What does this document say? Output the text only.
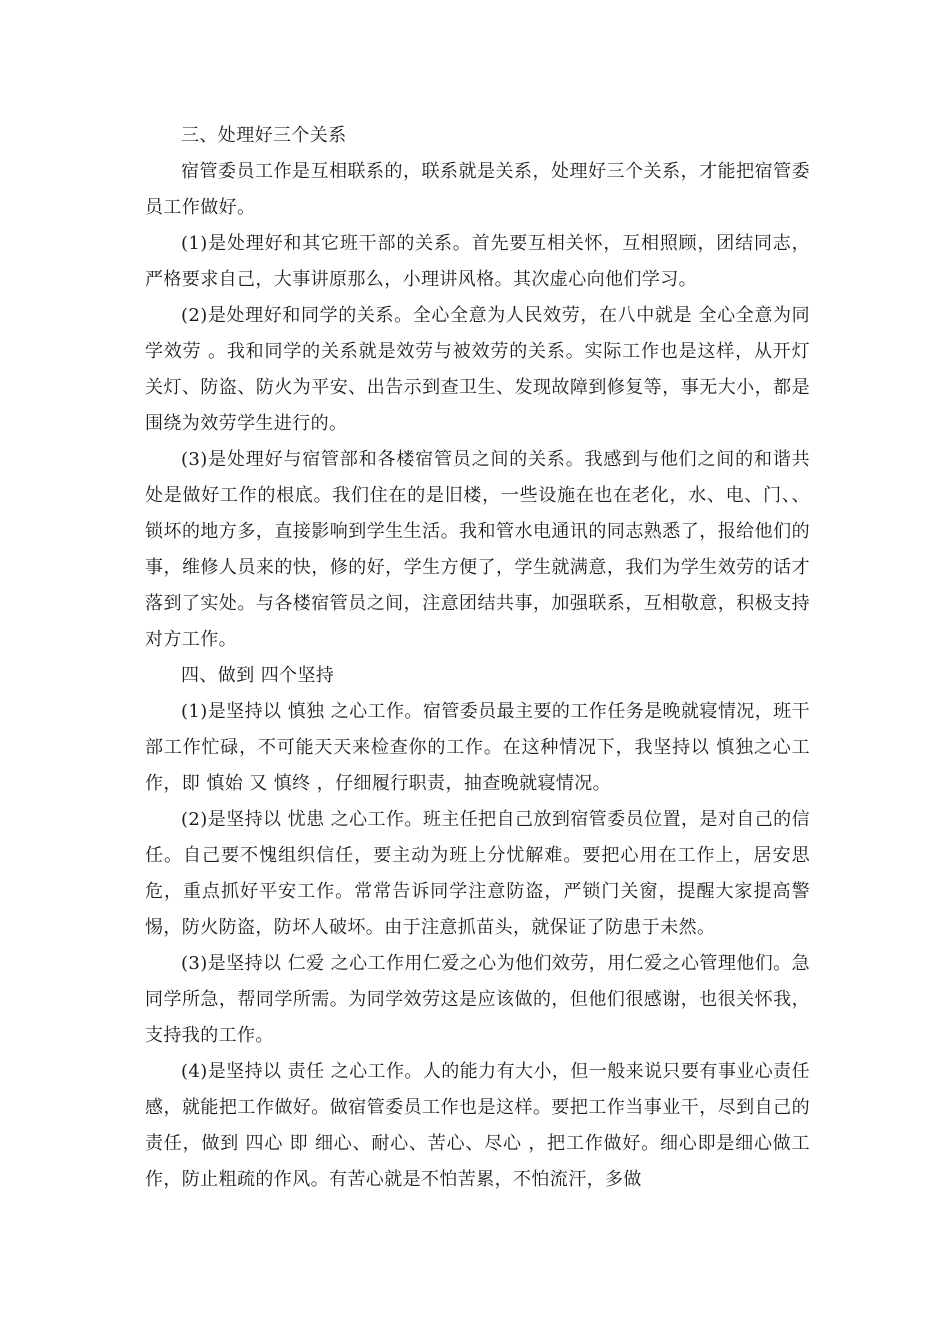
三、处理好三个关系

宿管委员工作是互相联系的，联系就是关系，处理好三个关系，才能把宿管委员工作做好。

(1)是处理好和其它班干部的关系。首先要互相关怀，互相照顾，团结同志，严格要求自己，大事讲原那么，小理讲风格。其次虚心向他们学习。

(2)是处理好和同学的关系。全心全意为人民效劳，在八中就是 全心全意为同学效劳 。我和同学的关系就是效劳与被效劳的关系。实际工作也是这样，从开灯关灯、防盗、防火为平安、出告示到查卫生、发现故障到修复等，事无大小，都是围绕为效劳学生进行的。

(3)是处理好与宿管部和各楼宿管员之间的关系。我感到与他们之间的和谐共处是做好工作的根底。我们住在的是旧楼，一些设施在也在老化，水、电、门、、锁坏的地方多，直接影响到学生生活。我和管水电通讯的同志熟悉了，报给他们的事，维修人员来的快，修的好，学生方便了，学生就满意，我们为学生效劳的话才落到了实处。与各楼宿管员之间，注意团结共事，加强联系，互相敬意，积极支持对方工作。

四、做到 四个坚持

(1)是坚持以 慎独 之心工作。宿管委员最主要的工作任务是晚就寝情况，班干部工作忙碌，不可能天天来检查你的工作。在这种情况下，我坚持以 慎独之心工作，即 慎始 又 慎终 ，仔细履行职责，抽查晚就寝情况。

(2)是坚持以 忧患 之心工作。班主任把自己放到宿管委员位置，是对自己的信任。自己要不愧组织信任，要主动为班上分忧解难。要把心用在工作上，居安思危，重点抓好平安工作。常常告诉同学注意防盗，严锁门关窗，提醒大家提高警惕，防火防盗，防坏人破坏。由于注意抓苗头，就保证了防患于未然。

(3)是坚持以 仁爱 之心工作用仁爱之心为他们效劳，用仁爱之心管理他们。急同学所急，帮同学所需。为同学效劳这是应该做的，但他们很感谢，也很关怀我，支持我的工作。

(4)是坚持以 责任 之心工作。人的能力有大小，但一般来说只要有事业心责任感，就能把工作做好。做宿管委员工作也是这样。要把工作当事业干，尽到自己的责任，做到 四心 即 细心、耐心、苦心、尽心 ，把工作做好。细心即是细心做工作，防止粗疏的作风。有苦心就是不怕苦累，不怕流汗，多做
